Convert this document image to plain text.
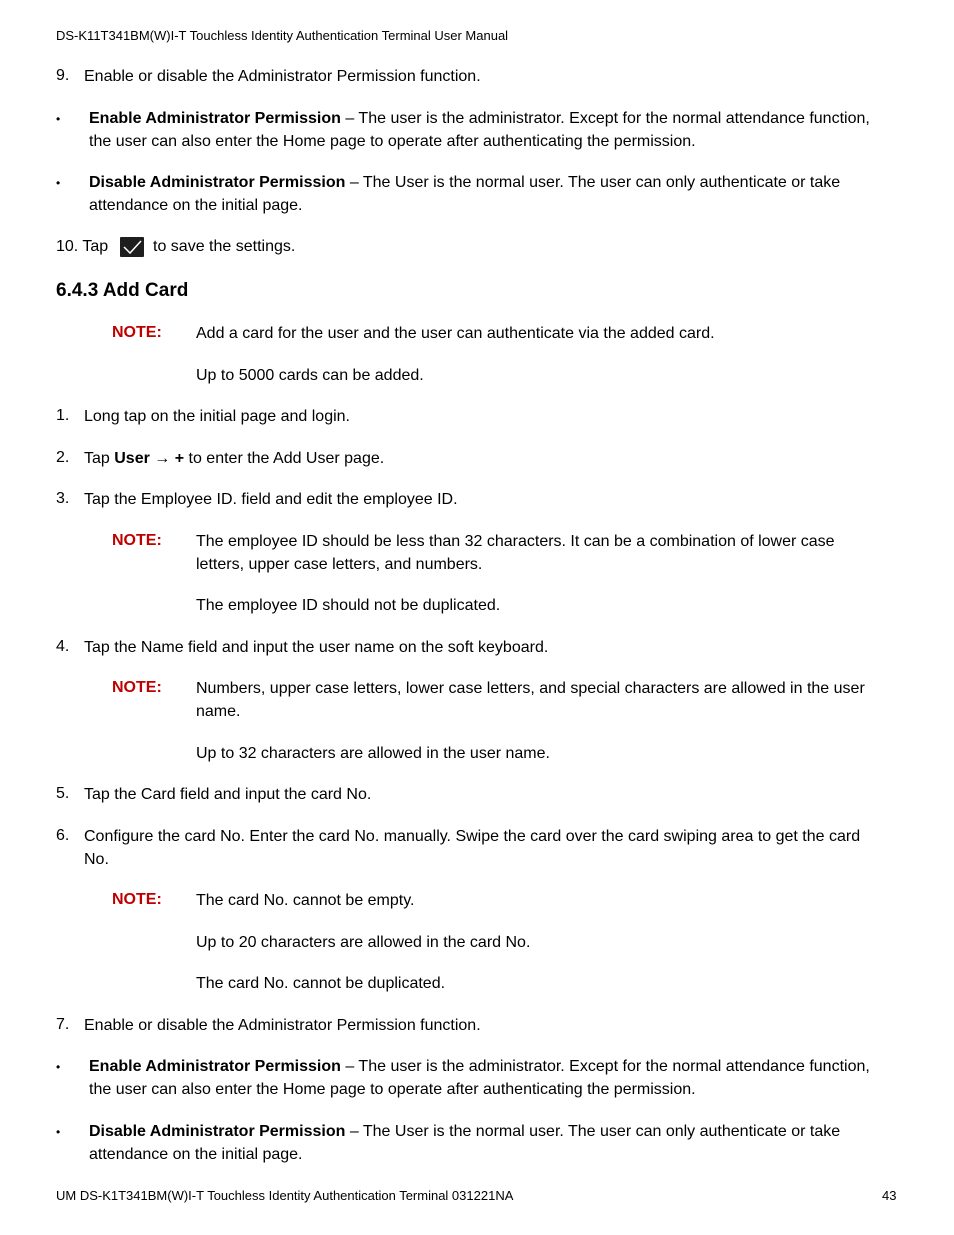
DS-K11T341BM(W)I-T Touchless Identity Authentication Terminal User Manual
9. Enable or disable the Administrator Permission function.
• Enable Administrator Permission – The user is the administrator. Except for the normal attendance function, the user can also enter the Home page to operate after authenticating the permission.
• Disable Administrator Permission – The User is the normal user. The user can only authenticate or take attendance on the initial page.
10. Tap	to save the settings.
6.4.3 Add Card
NOTE: Add a card for the user and the user can authenticate via the added card.
Up to 5000 cards can be added.
1. Long tap on the initial page and login.
2. Tap User → + to enter the Add User page.
3. Tap the Employee ID. field and edit the employee ID.
NOTE: The employee ID should be less than 32 characters. It can be a combination of lower case letters, upper case letters, and numbers.
The employee ID should not be duplicated.
4. Tap the Name field and input the user name on the soft keyboard.
NOTE: Numbers, upper case letters, lower case letters, and special characters are allowed in the user name.
Up to 32 characters are allowed in the user name.
5. Tap the Card field and input the card No.
6. Configure the card No. Enter the card No. manually. Swipe the card over the card swiping area to get the card No.
NOTE: The card No. cannot be empty.
Up to 20 characters are allowed in the card No.
The card No. cannot be duplicated.
7. Enable or disable the Administrator Permission function.
• Enable Administrator Permission – The user is the administrator. Except for the normal attendance function, the user can also enter the Home page to operate after authenticating the permission.
• Disable Administrator Permission – The User is the normal user. The user can only authenticate or take attendance on the initial page.
UM DS-K1T341BM(W)I-T Touchless Identity Authentication Terminal 031221NA	43
